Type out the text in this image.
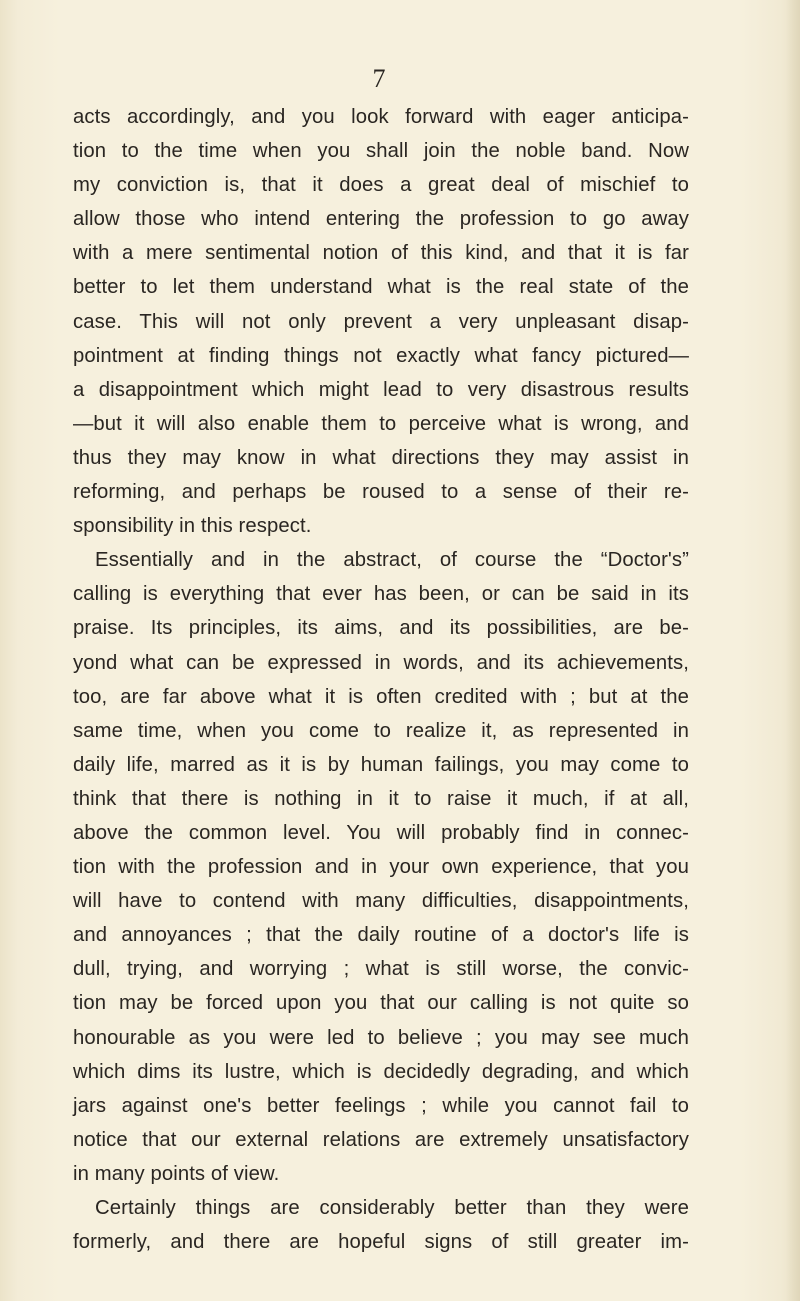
7
acts accordingly, and you look forward with eager anticipa-
tion to the time when you shall join the noble band. Now
my conviction is, that it does a great deal of mischief to
allow those who intend entering the profession to go away
with a mere sentimental notion of this kind, and that it is far
better to let them understand what is the real state of the
case. This will not only prevent a very unpleasant disap-
pointment at finding things not exactly what fancy pictured—
a disappointment which might lead to very disastrous results
—but it will also enable them to perceive what is wrong, and
thus they may know in what directions they may assist in
reforming, and perhaps be roused to a sense of their re-
sponsibility in this respect.
Essentially and in the abstract, of course the “Doctor's”
calling is everything that ever has been, or can be said in its
praise. Its principles, its aims, and its possibilities, are be-
yond what can be expressed in words, and its achievements,
too, are far above what it is often credited with ; but at the
same time, when you come to realize it, as represented in
daily life, marred as it is by human failings, you may come to
think that there is nothing in it to raise it much, if at all,
above the common level. You will probably find in connec-
tion with the profession and in your own experience, that you
will have to contend with many difficulties, disappointments,
and annoyances ; that the daily routine of a doctor's life is
dull, trying, and worrying ; what is still worse, the convic-
tion may be forced upon you that our calling is not quite so
honourable as you were led to believe ; you may see much
which dims its lustre, which is decidedly degrading, and which
jars against one's better feelings ; while you cannot fail to
notice that our external relations are extremely unsatisfactory
in many points of view.
Certainly things are considerably better than they were
formerly, and there are hopeful signs of still greater im-
